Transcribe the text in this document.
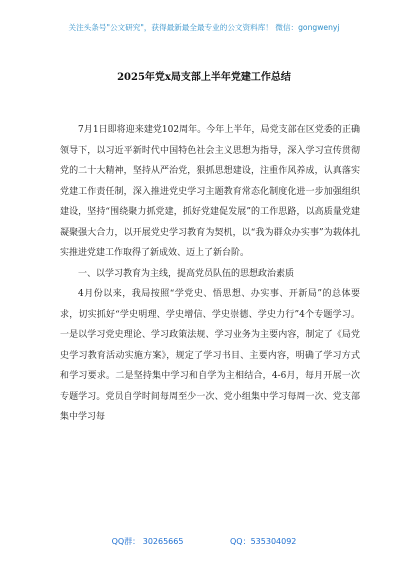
关注头条号"公文研究"，获得最新最全最专业的公文资料库！ 微信：gongwenyj
2025年党x局支部上半年党建工作总结

7月1日即将迎来建党102周年。今年上半年，局党支部在区党委的正确领导下，以习近平新时代中国特色社会主义思想为指导，深入学习宣传贯彻党的二十大精神，坚持从严治党，狠抓思想建设，注重作风养成，认真落实党建工作责任制，深入推进党史学习主题教育常态化制度化进一步加强组织建设，坚持“围绕聚力抓党建，抓好党建促发展”的工作思路，以高质量党建凝聚强大合力，以开展党史学习教育为契机，以“我为群众办实事”为载体扎实推进党建工作取得了新成效、迈上了新台阶。

一、以学习教育为主线，提高党员队伍的思想政治素质

4月份以来，我局按照“学党史、悟思想、办实事、开新局”的总体要求，切实抓好“学史明理、学史增信、学史崇德、学史力行”4个专题学习。一是以学习党史理论、学习政策法规、学习业务为主要内容，制定了《局党史学习教育活动实施方案》，规定了学习书目、主要内容，明确了学习方式和学习要求。二是坚持集中学习和自学为主相结合，4-6月，每月开展一次专题学习。党员自学时间每周至少一次、党小组集中学习每周一次、党支部集中学习每

QQ群： 30265665	QQ：535304092
